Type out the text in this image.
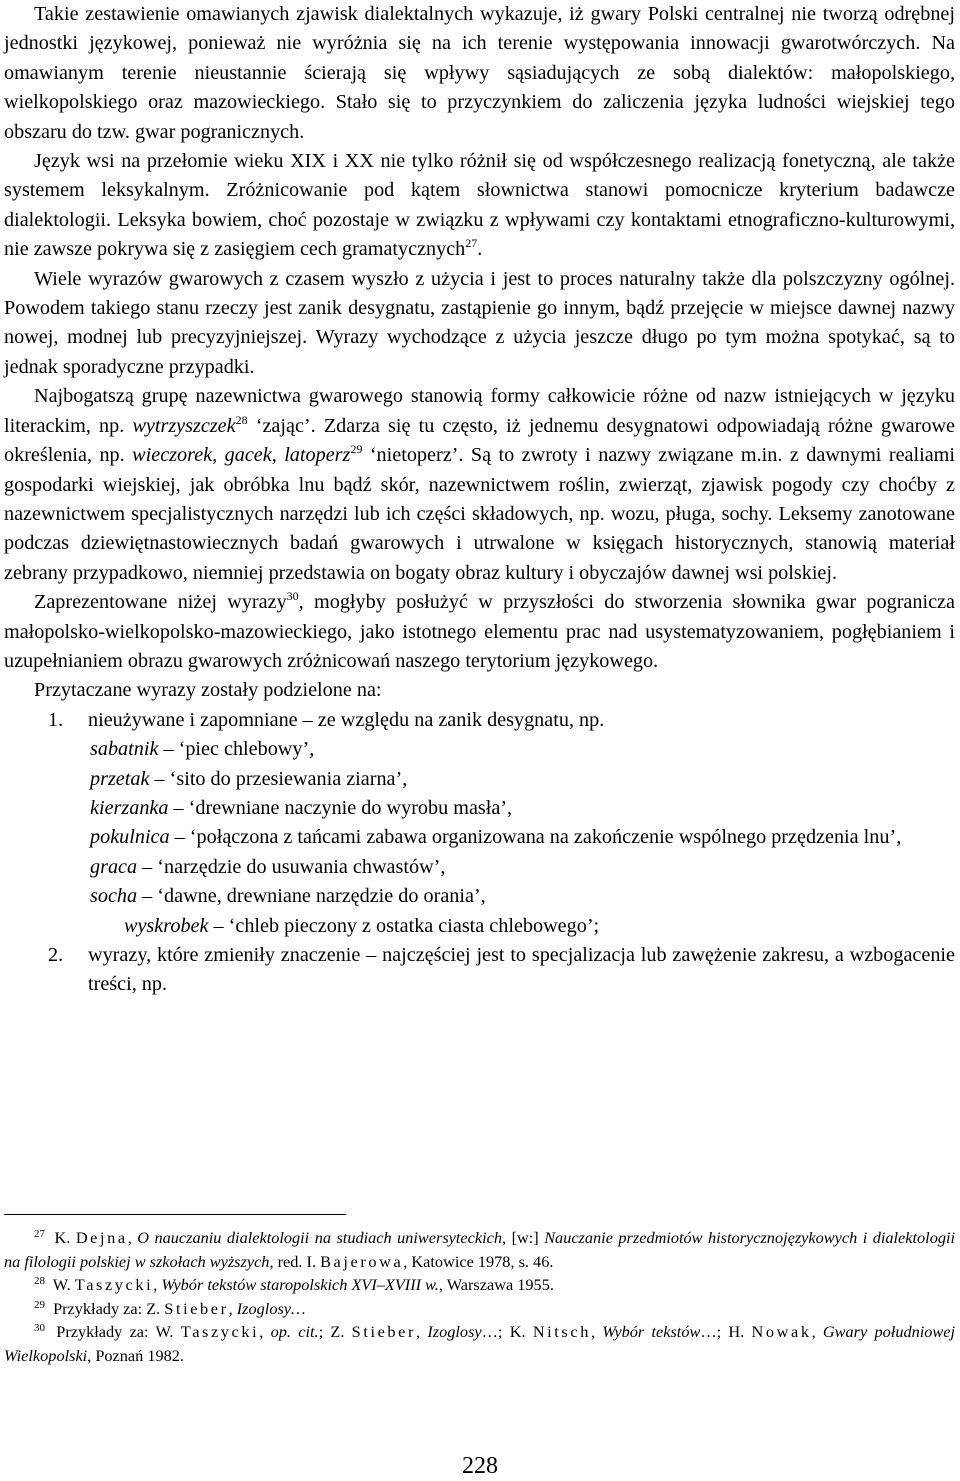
Takie zestawienie omawianych zjawisk dialektalnych wykazuje, iż gwary Polski centralnej nie tworzą odrębnej jednostki językowej, ponieważ nie wyróżnia się na ich terenie występowania innowacji gwarotwórczych. Na omawianym terenie nieustannie ścierają się wpływy sąsiadujących ze sobą dialektów: małopolskiego, wielkopolskiego oraz mazowieckiego. Stało się to przyczynkiem do zaliczenia języka ludności wiejskiej tego obszaru do tzw. gwar pogranicznych.

Język wsi na przełomie wieku XIX i XX nie tylko różnił się od współczesnego realizacją fonetyczną, ale także systemem leksykalnym. Zróżnicowanie pod kątem słownictwa stanowi pomocnicze kryterium badawcze dialektologii. Leksyka bowiem, choć pozostaje w związku z wpływami czy kontaktami etnograficzno-kulturowymi, nie zawsze pokrywa się z zasięgiem cech gramatycznych$^{27}$.

Wiele wyrazów gwarowych z czasem wyszło z użycia i jest to proces naturalny także dla polszczyzny ogólnej. Powodem takiego stanu rzeczy jest zanik desygnatu, zastąpienie go innym, bądź przejęcie w miejsce dawnej nazwy nowej, modnej lub precyzyjniejszej. Wyrazy wychodzące z użycia jeszcze długo po tym można spotykać, są to jednak sporadyczne przypadki.

Najbogatszą grupę nazewnictwa gwarowego stanowią formy całkowicie różne od nazw istniejących w języku literackim, np. wytrzyszczek$^{28}$ ‘zając’. Zdarza się tu często, iż jednemu desygnatowi odpowiadają różne gwarowe określenia, np. wieczorek, gacek, latoperz$^{29}$ ‘nietoperz’. Są to zwroty i nazwy związane m.in. z dawnymi realiami gospodarki wiejskiej, jak obróbka lnu bądź skór, nazewnictwem roślin, zwierząt, zjawisk pogody czy choćby z nazewnictwem specjalistycznych narzędzi lub ich części składowych, np. wozu, pługa, sochy. Leksemy zanotowane podczas dziewiętnastowiecznych badań gwarowych i utrwalone w księgach historycznych, stanowią materiał zebrany przypadkowo, niemniej przedstawia on bogaty obraz kultury i obyczajów dawnej wsi polskiej.

Zaprezentowane niżej wyrazy$^{30}$, mogłyby posłużyć w przyszłości do stworzenia słownika gwar pogranicza małopolsko-wielkopolsko-mazowieckiego, jako istotnego elementu prac nad usystematyzowaniem, pogłębianiem i uzupełnianiem obrazu gwarowych zróżnicowań naszego terytorium językowego.

Przytaczane wyrazy zostały podzielone na:

1.	nieużywane i zapomniane – ze względu na zanik desygnatu, np.
sabatnik – ‘piec chlebowy’,
przetak – ‘sito do przesiewania ziarna’,
kierzanka – ‘drewniane naczynie do wyrobu masła’,
pokulnica – ‘połączona z tańcami zabawa organizowana na zakończenie wspólnego przędzenia lnu’,
graca – ‘narzędzie do usuwania chwastów’,
socha – ‘dawne, drewniane narzędzie do orania’,
wyskrobek – ‘chleb pieczony z ostatka ciasta chlebowego’;
2.	wyrazy, które zmieniły znaczenie – najczęściej jest to specjalizacja lub zawężenie zakresu, a wzbogacenie treści, np.
$^{27}$ K. Dejna, O nauczaniu dialektologii na studiach uniwersyteckich, [w:] Nauczanie przedmiotów historycznojęzykowych i dialektologii na filologii polskiej w szkołach wyższych, red. I. Bajerowa, Katowice 1978, s. 46.
$^{28}$ W. Taszycki, Wybór tekstów staropolskich XVI–XVIII w., Warszawa 1955.
$^{29}$ Przykłady za: Z. Stieber, Izoglosy…
$^{30}$ Przykłady za: W. Taszycki, op. cit.; Z. Stieber, Izoglosy…; K. Nitsch, Wybór tekstów…; H. Nowak, Gwary południowej Wielkopolski, Poznań 1982.
228
